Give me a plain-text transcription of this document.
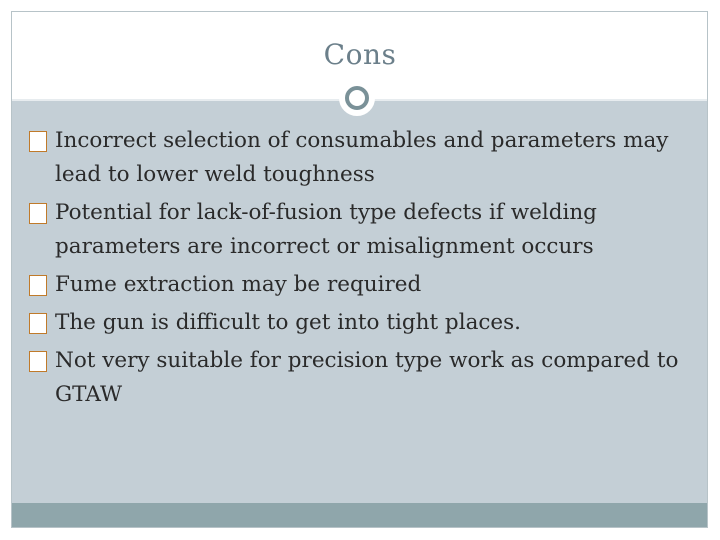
Cons
Incorrect selection of consumables and parameters may lead to lower weld toughness
Potential for lack-of-fusion type defects if welding parameters are incorrect or misalignment occurs
Fume extraction may be required
The gun is difficult to get into tight places.
Not very suitable for precision type work as compared to GTAW
